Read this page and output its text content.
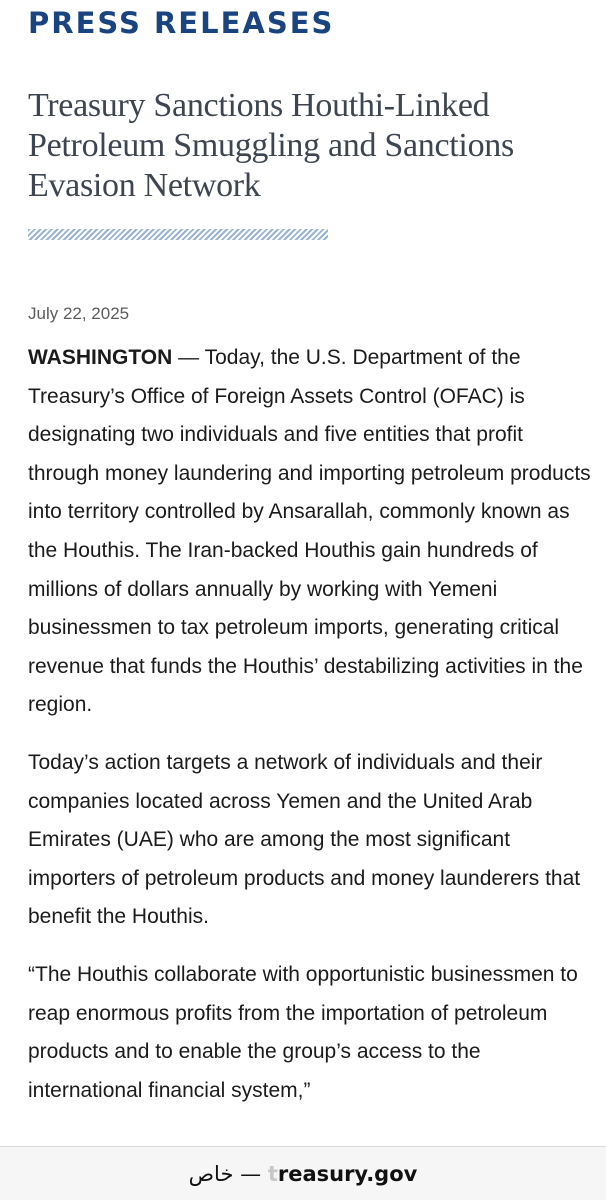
PRESS RELEASES
Treasury Sanctions Houthi-Linked Petroleum Smuggling and Sanctions Evasion Network
July 22, 2025

WASHINGTON — Today, the U.S. Department of the Treasury’s Office of Foreign Assets Control (OFAC) is designating two individuals and five entities that profit through money laundering and importing petroleum products into territory controlled by Ansarallah, commonly known as the Houthis. The Iran-backed Houthis gain hundreds of millions of dollars annually by working with Yemeni businessmen to tax petroleum imports, generating critical revenue that funds the Houthis’ destabilizing activities in the region.

Today’s action targets a network of individuals and their companies located across Yemen and the United Arab Emirates (UAE) who are among the most significant importers of petroleum products and money launderers that benefit the Houthis.

“The Houthis collaborate with opportunistic businessmen to reap enormous profits from the importation of petroleum products and to enable the group’s access to the international financial system,”

خاص — treasury.gov
